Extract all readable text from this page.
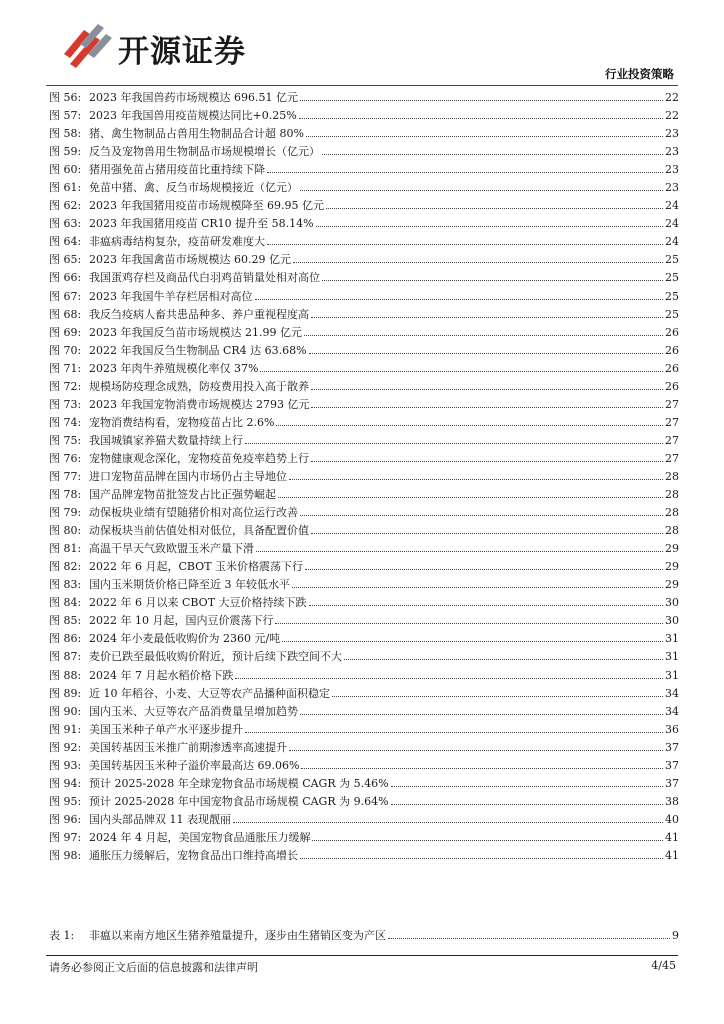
开源证券
行业投资策略
图 56: 2023 年我国兽药市场规模达 696.51 亿元	22
图 57: 2023 年我国兽用疫苗规模达同比+0.25%	22
图 58: 猪、禽生物制品占兽用生物制品合计超 80%	23
图 59: 反刍及宠物兽用生物制品市场规模增长（亿元）	23
图 60: 猪用强免苗占猪用疫苗比重持续下降	23
图 61: 免苗中猪、禽、反刍市场规模接近（亿元）	23
图 62: 2023 年我国猪用疫苗市场规模降至 69.95 亿元	24
图 63: 2023 年我国猪用疫苗 CR10 提升至 58.14%	24
图 64: 非瘟病毒结构复杂，疫苗研发难度大	24
图 65: 2023 年我国禽苗市场规模达 60.29 亿元	25
图 66: 我国蛋鸡存栏及商品代白羽鸡苗销量处相对高位	25
图 67: 2023 年我国牛羊存栏居相对高位	25
图 68: 我反刍疫病人畜共患品种多、养户重视程度高	25
图 69: 2023 年我国反刍苗市场规模达 21.99 亿元	26
图 70: 2022 年我国反刍生物制品 CR4 达 63.68%	26
图 71: 2023 年肉牛养殖规模化率仅 37%	26
图 72: 规模场防疫理念成熟，防疫费用投入高于散养	26
图 73: 2023 年我国宠物消费市场规模达 2793 亿元	27
图 74: 宠物消费结构看，宠物疫苗占比 2.6%	27
图 75: 我国城镇家养猫犬数量持续上行	27
图 76: 宠物健康观念深化，宠物疫苗免疫率趋势上行	27
图 77: 进口宠物苗品牌在国内市场仍占主导地位	28
图 78: 国产品牌宠物苗批签发占比正强势崛起	28
图 79: 动保板块业绩有望随猪价相对高位运行改善	28
图 80: 动保板块当前估值处相对低位，具备配置价值	28
图 81: 高温干旱天气致欧盟玉米产量下滑	29
图 82: 2022 年 6 月起，CBOT 玉米价格震荡下行	29
图 83: 国内玉米期货价格已降至近 3 年较低水平	29
图 84: 2022 年 6 月以来 CBOT 大豆价格持续下跌	30
图 85: 2022 年 10 月起，国内豆价震荡下行	30
图 86: 2024 年小麦最低收购价为 2360 元/吨	31
图 87: 麦价已跌至最低收购价附近，预计后续下跌空间不大	31
图 88: 2024 年 7 月起水稻价格下跌	31
图 89: 近 10 年稻谷、小麦、大豆等农产品播种面积稳定	34
图 90: 国内玉米、大豆等农产品消费量呈增加趋势	34
图 91: 美国玉米种子单产水平逐步提升	36
图 92: 美国转基因玉米推广前期渗透率高速提升	37
图 93: 美国转基因玉米种子溢价率最高达 69.06%	37
图 94: 预计 2025-2028 年全球宠物食品市场规模 CAGR 为 5.46%	37
图 95: 预计 2025-2028 年中国宠物食品市场规模 CAGR 为 9.64%	38
图 96: 国内头部品牌双 11 表现靓丽	40
图 97: 2024 年 4 月起，美国宠物食品通胀压力缓解	41
图 98: 通胀压力缓解后，宠物食品出口维持高增长	41
表 1:	非瘟以来南方地区生猪养殖量提升，逐步由生猪销区变为产区	9
请务必参阅正文后面的信息披露和法律声明	4/45
